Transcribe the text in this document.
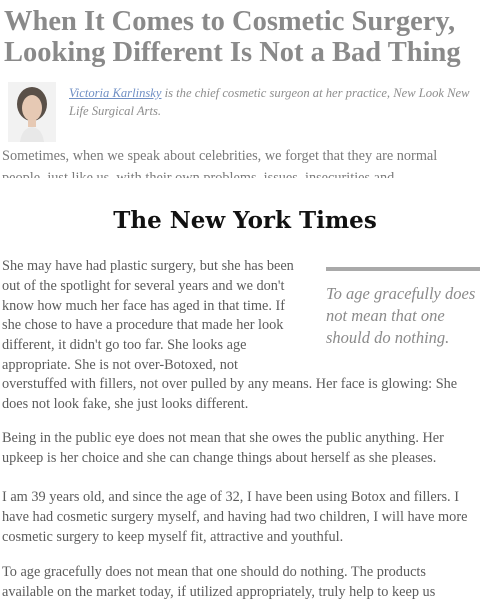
When It Comes to Cosmetic Surgery, Looking Different Is Not a Bad Thing
Victoria Karlinsky is the chief cosmetic surgeon at her practice, New Look New Life Surgical Arts.
Sometimes, when we speak about celebrities, we forget that they are normal
The New York Times

She may have had plastic surgery, but she has been out of the spotlight for several years and we don't know how much her face has aged in that time. If she chose to have a procedure that made her look different, it didn't go too far. She looks age appropriate. She is not over-Botoxed, not

To age gracefully does not mean that one should do nothing.

overstuffed with fillers, not over pulled by any means. Her face is glowing: She does not look fake, she just looks different.

Being in the public eye does not mean that she owes the public anything. Her upkeep is her choice and she can change things about herself as she pleases.

I am 39 years old, and since the age of 32, I have been using Botox and fillers. I have had cosmetic surgery myself, and having had two children, I will have more cosmetic surgery to keep myself fit, attractive and youthful.

To age gracefully does not mean that one should do nothing. The products available on the market today, if utilized appropriately, truly help to keep us
